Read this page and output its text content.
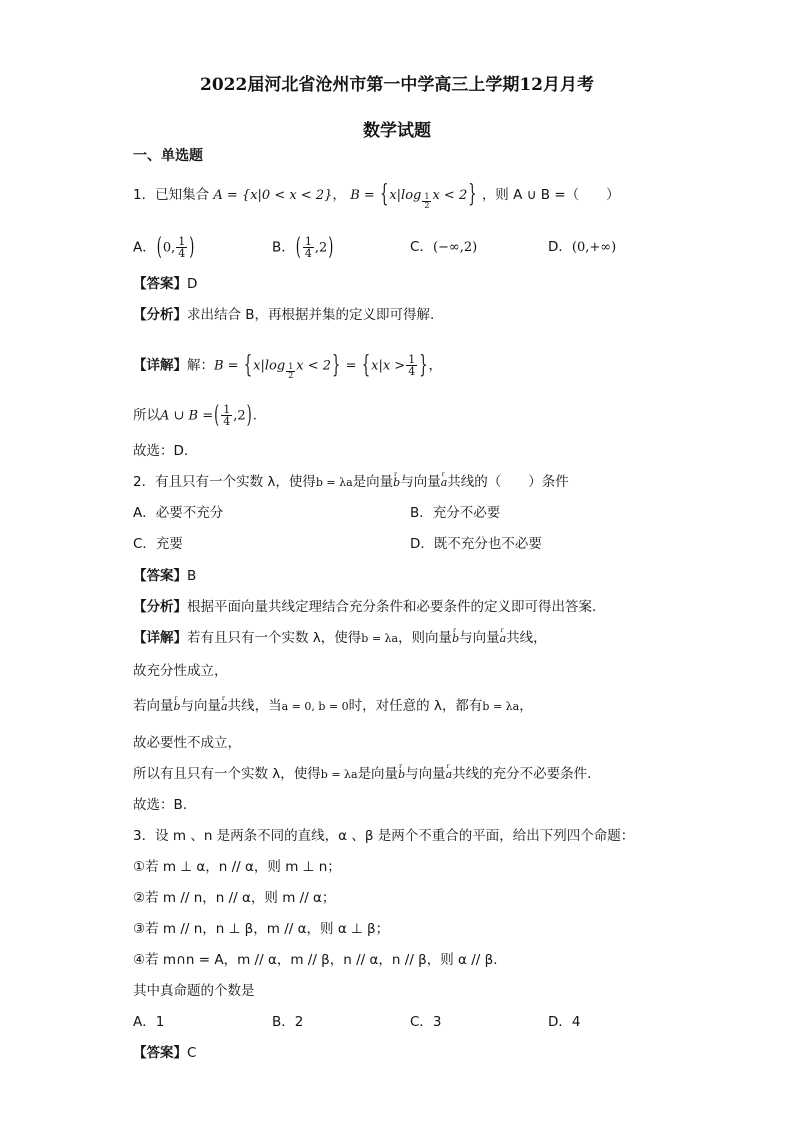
2022届河北省沧州市第一中学高三上学期12月月考
数学试题
一、单选题
1．已知集合 A = {x|0 < x < 2}， $B = \{x|\log \frac{1}{2}$ x < 2} ，则 A ∪ B =（　　）
A．(0, $\frac{1}{4}$ )	B．( $\frac{1}{4} ,2$)	C．(−∞,2)	D．(0,+∞)
【答案】D
【分析】求出结合 B，再根据并集的定义即可得解.
【详解】解：$B = \{x|\log \frac{1}{2}$ $x < 2\} = \{x|x > \frac{1}{4}$ }，
所以A ∪ B =( $\frac{1}{4} ,2$).
故选：D.
2．有且只有一个实数 λ，使得b = λa是向量r b与向量r a共线的（　　）条件
A．必要不充分	B．充分不必要
C．充要	D．既不充分也不必要
【答案】B
【分析】根据平面向量共线定理结合充分条件和必要条件的定义即可得出答案.
【详解】若有且只有一个实数 λ，使得b = λa，则向量r b与向量r a共线，
故充分性成立，
若向量r b与向量r a共线，当a = 0, b = 0时，对任意的 λ，都有b = λa，
故必要性不成立，
所以有且只有一个实数 λ，使得b = λa是向量r b与向量r a共线的充分不必要条件.
故选：B.
3．设 m 、n 是两条不同的直线，α 、β 是两个不重合的平面，给出下列四个命题：
①若 m ⊥ α，n // α，则 m ⊥ n；
②若 m // n，n // α，则 m // α；
③若 m // n，n ⊥ β，m // α，则 α ⊥ β；
④若 m∩n = A，m // α，m // β，n // α，n // β，则 α // β.
其中真命题的个数是
A．1	B．2	C．3	D．4
【答案】C
